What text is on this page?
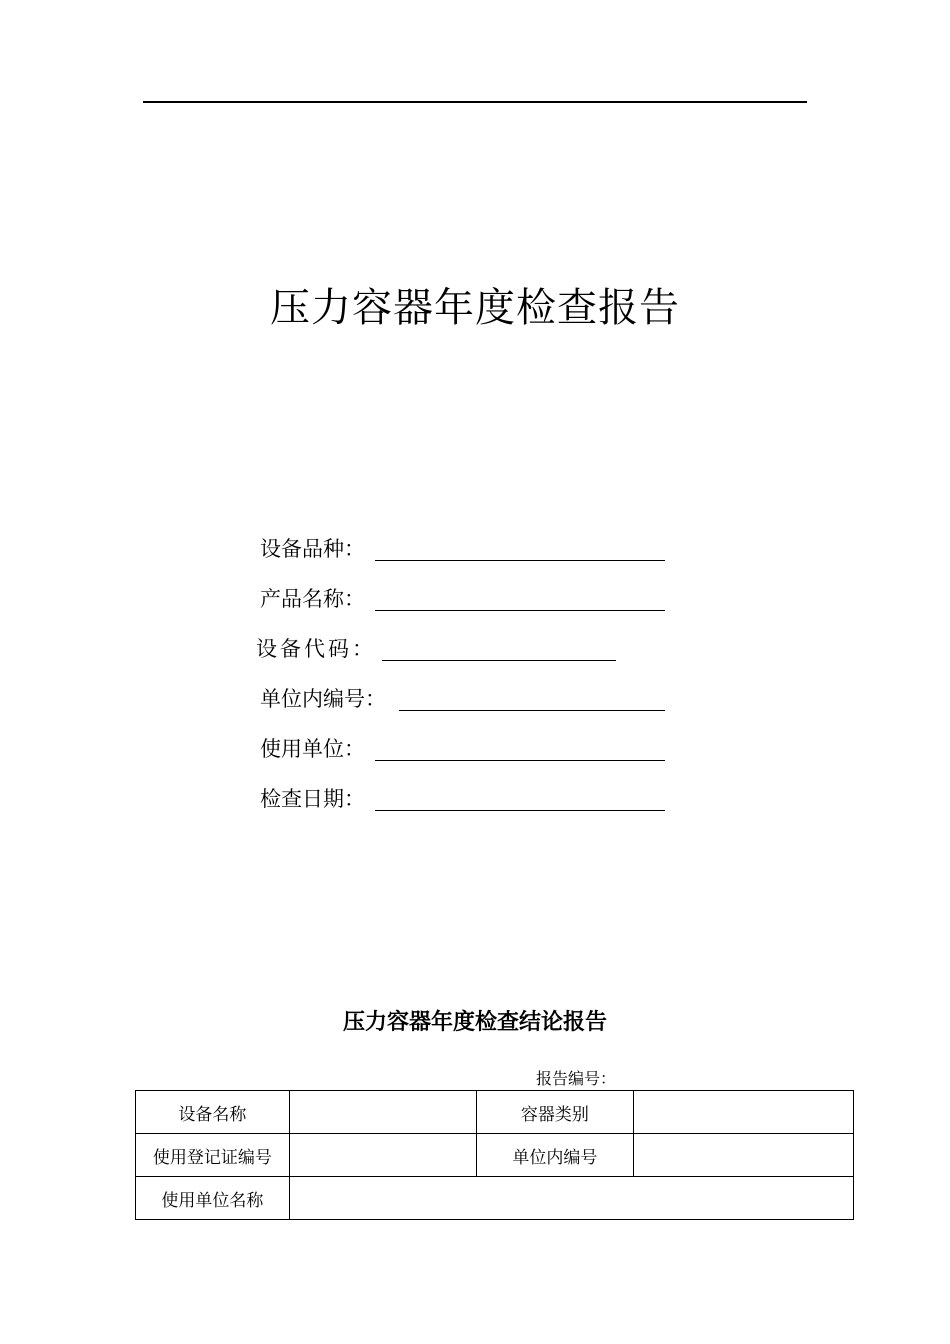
压力容器年度检查报告
设备品种：
产品名称：
设备代码：
单位内编号：
使用单位：
检查日期：
压力容器年度检查结论报告
报告编号：
设备名称		容器类别	
使用登记证编号		单位内编号	
使用单位名称			
